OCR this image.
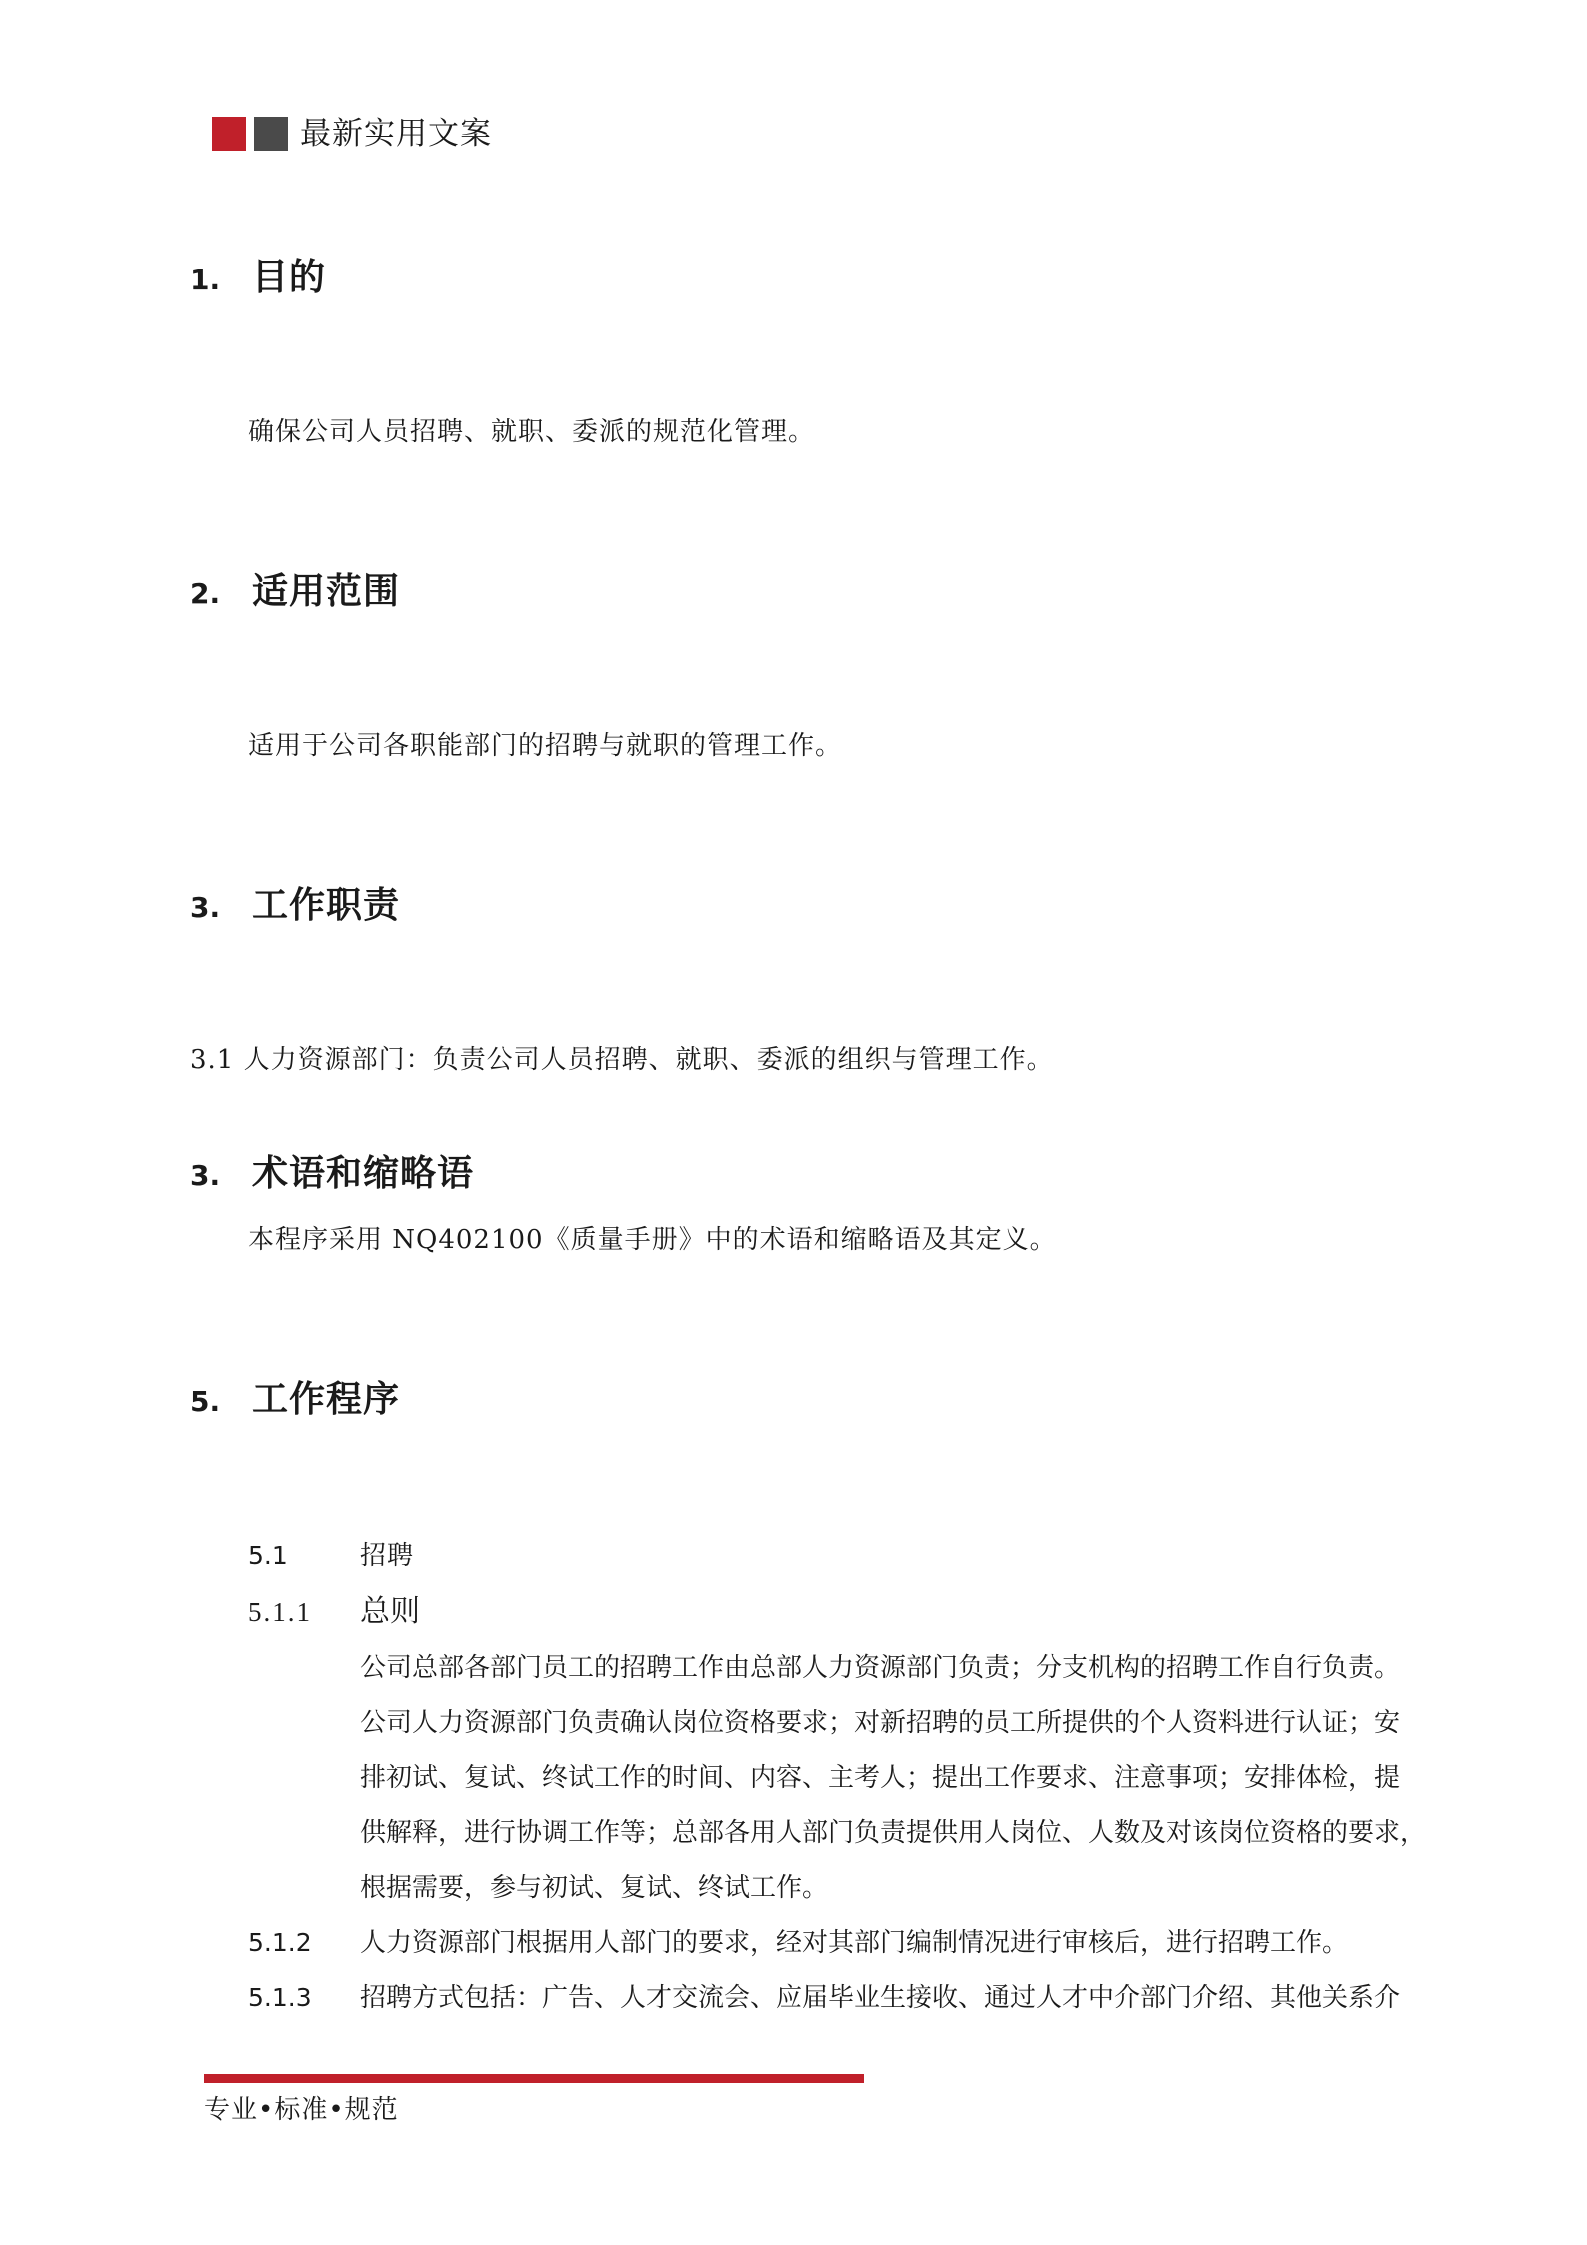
最新实用文案
1. 目的
确保公司人员招聘、就职、委派的规范化管理。
2. 适用范围
适用于公司各职能部门的招聘与就职的管理工作。
3. 工作职责
3.1 人力资源部门：负责公司人员招聘、就职、委派的组织与管理工作。
3. 术语和缩略语
本程序采用 NQ402100《质量手册》中的术语和缩略语及其定义。
5. 工作程序
5.1	招聘
5.1.1 总则
公司总部各部门员工的招聘工作由总部人力资源部门负责；分支机构的招聘工作自行负责。
公司人力资源部门负责确认岗位资格要求；对新招聘的员工所提供的个人资料进行认证；安
排初试、复试、终试工作的时间、内容、主考人；提出工作要求、注意事项；安排体检，提
供解释，进行协调工作等；总部各用人部门负责提供用人岗位、人数及对该岗位资格的要求，
根据需要，参与初试、复试、终试工作。
5.1.2 人力资源部门根据用人部门的要求，经对其部门编制情况进行审核后，进行招聘工作。
5.1.3 招聘方式包括：广告、人才交流会、应届毕业生接收、通过人才中介部门介绍、其他关系介
专业•标准•规范
